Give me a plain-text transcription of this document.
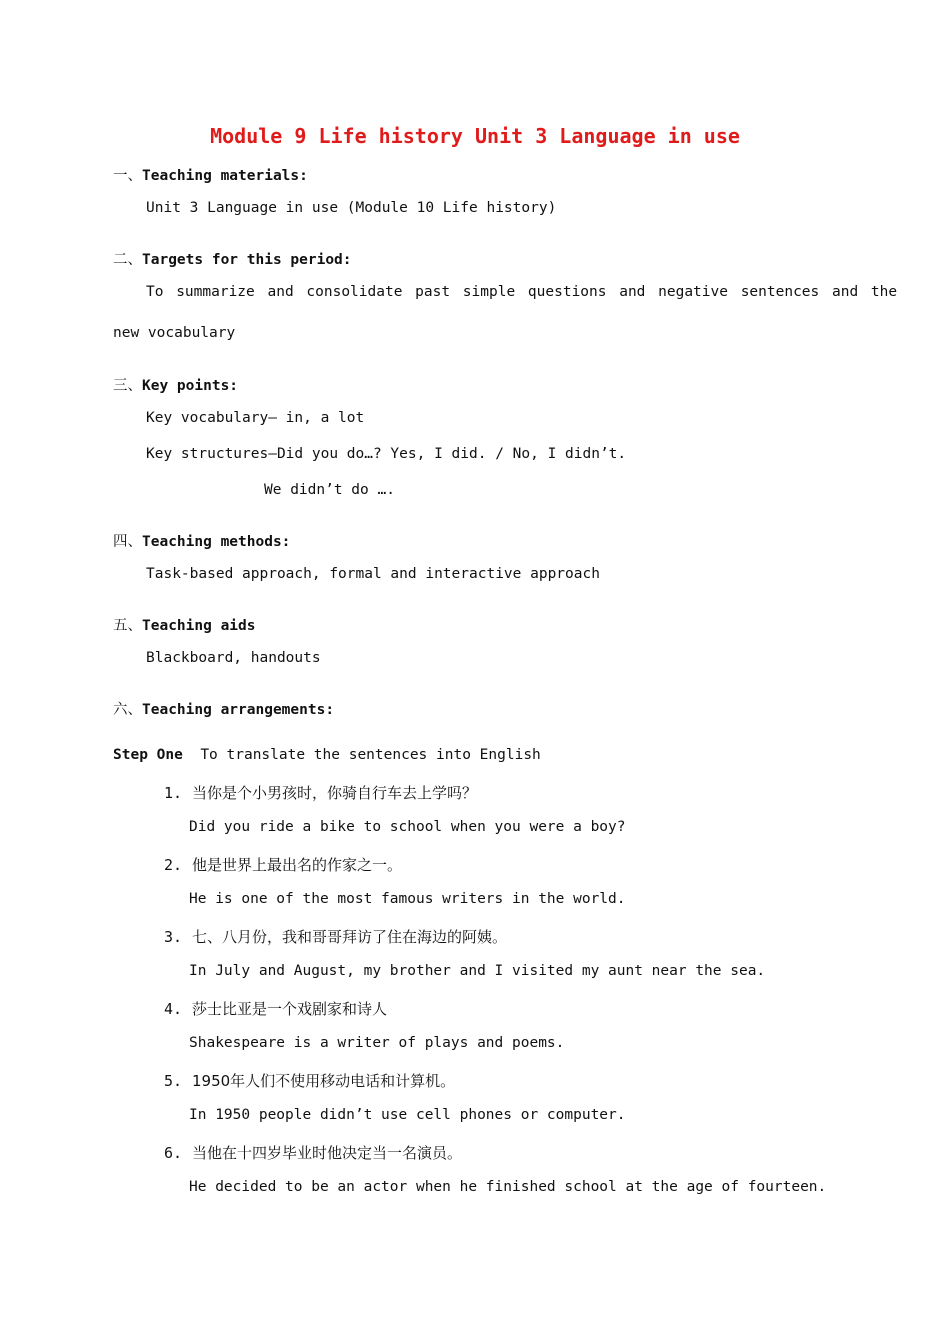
Module 9 Life history Unit 3 Language in use
一、Teaching materials:
Unit 3 Language in use (Module 10 Life history)
二、Targets for this period:
To summarize and consolidate past simple questions and negative sentences and the
new vocabulary
三、Key points:
Key vocabulary— in, a lot
Key structures—Did you do…? Yes, I did. / No, I didn’t.
We didn’t do ….
四、Teaching methods:
Task-based approach, formal and interactive approach
五、Teaching aids
Blackboard, handouts
六、Teaching arrangements:
Step One To translate the sentences into English
1. 当你是个小男孩时，你骑自行车去上学吗？
Did you ride a bike to school when you were a boy?
2. 他是世界上最出名的作家之一。
He is one of the most famous writers in the world.
3. 七、八月份，我和哥哥拜访了住在海边的阿姨。
In July and August, my brother and I visited my aunt near the sea.
4. 莎士比亚是一个戏剧家和诗人
Shakespeare is a writer of plays and poems.
5. 1950年人们不使用移动电话和计算机。
In 1950 people didn’t use cell phones or computer.
6. 当他在十四岁毕业时他决定当一名演员。
He decided to be an actor when he finished school at the age of fourteen.
